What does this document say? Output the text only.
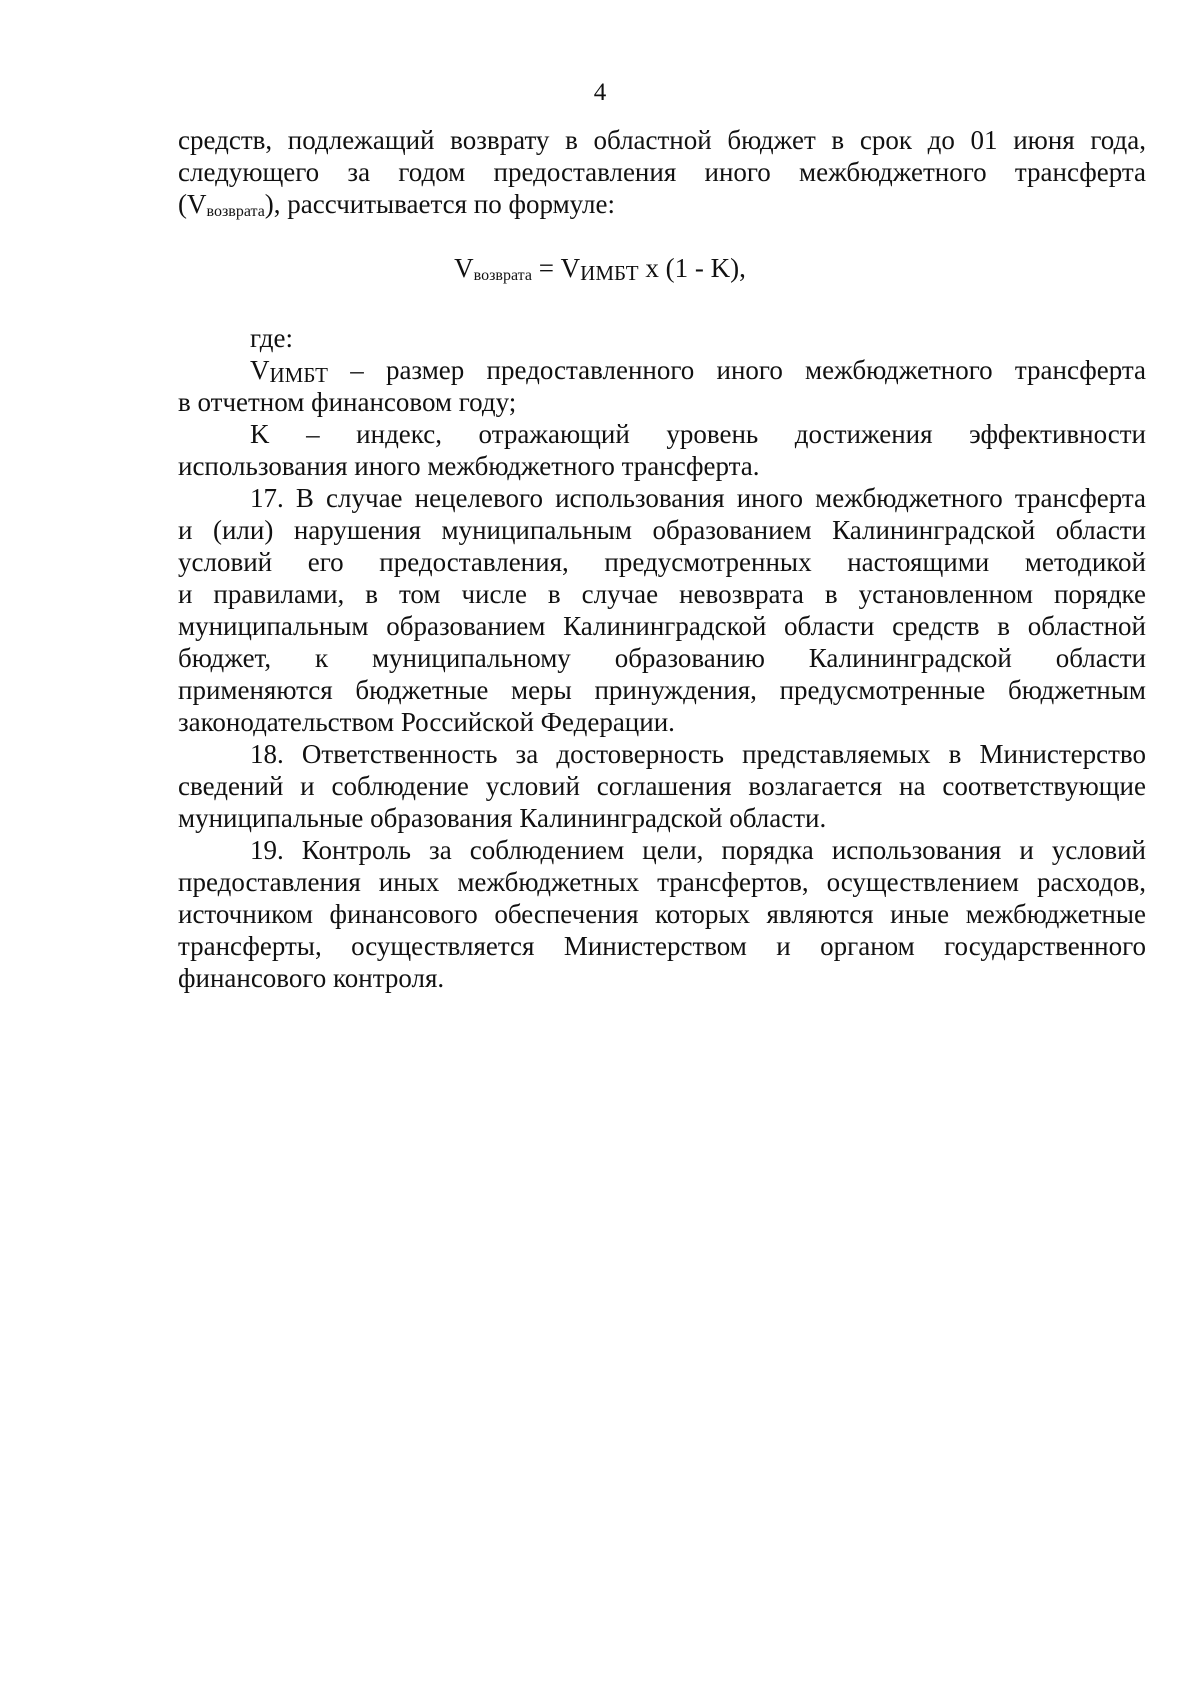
4
средств, подлежащий возврату в областной бюджет в срок до 01 июня года,
следующего за годом предоставления иного межбюджетного трансферта
$(V_{возврата})$, рассчитывается по формуле:
$V_{возврата} = V_{ИМБТ}$ x (1 - K),
где:
$V_{ИМБТ}$ – размер предоставленного иного межбюджетного трансферта
в отчетном финансовом году;
K – индекс, отражающий уровень достижения эффективности
использования иного межбюджетного трансферта.
17. В случае нецелевого использования иного межбюджетного трансферта
и (или) нарушения муниципальным образованием Калининградской области
условий его предоставления, предусмотренных настоящими методикой
и правилами, в том числе в случае невозврата в установленном порядке
муниципальным образованием Калининградской области средств в областной
бюджет, к муниципальному образованию Калининградской области
применяются бюджетные меры принуждения, предусмотренные бюджетным
законодательством Российской Федерации.
18. Ответственность за достоверность представляемых в Министерство
сведений и соблюдение условий соглашения возлагается на соответствующие
муниципальные образования Калининградской области.
19. Контроль за соблюдением цели, порядка использования и условий
предоставления иных межбюджетных трансфертов, осуществлением расходов,
источником финансового обеспечения которых являются иные межбюджетные
трансферты, осуществляется Министерством и органом государственного
финансового контроля.
